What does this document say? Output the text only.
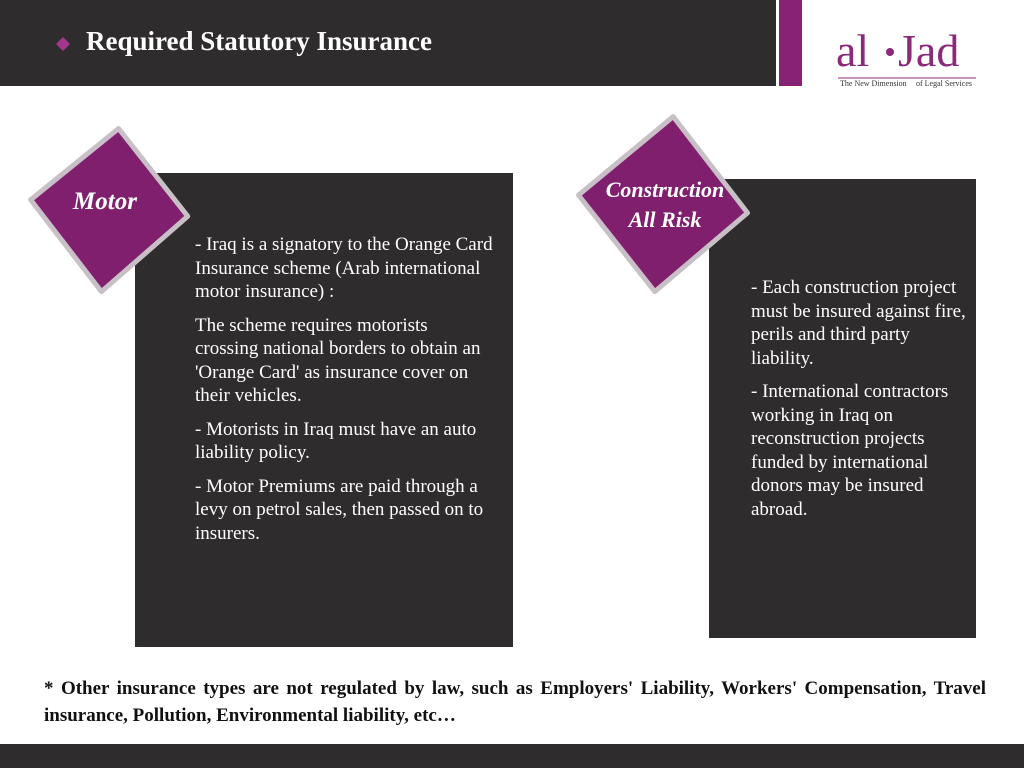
Required Statutory Insurance	al Jad
The New Dimension of Legal Services

- Iraq is a signatory to the Orange Card Insurance scheme (Arab international motor insurance) :

The scheme requires motorists crossing national borders to obtain an 'Orange Card' as insurance cover on their vehicles.

- Motorists in Iraq must have an auto liability policy.

- Motor Premiums are paid through a levy on petrol sales, then passed on to insurers.

Motor

- Each construction project must be insured against fire, perils and third party liability.

- International contractors working in Iraq on reconstruction projects funded by international donors may be insured abroad.

Construction
All Risk
* Other insurance types are not regulated by law, such as Employers' Liability, Workers' Compensation, Travel insurance, Pollution, Environmental liability, etc…
